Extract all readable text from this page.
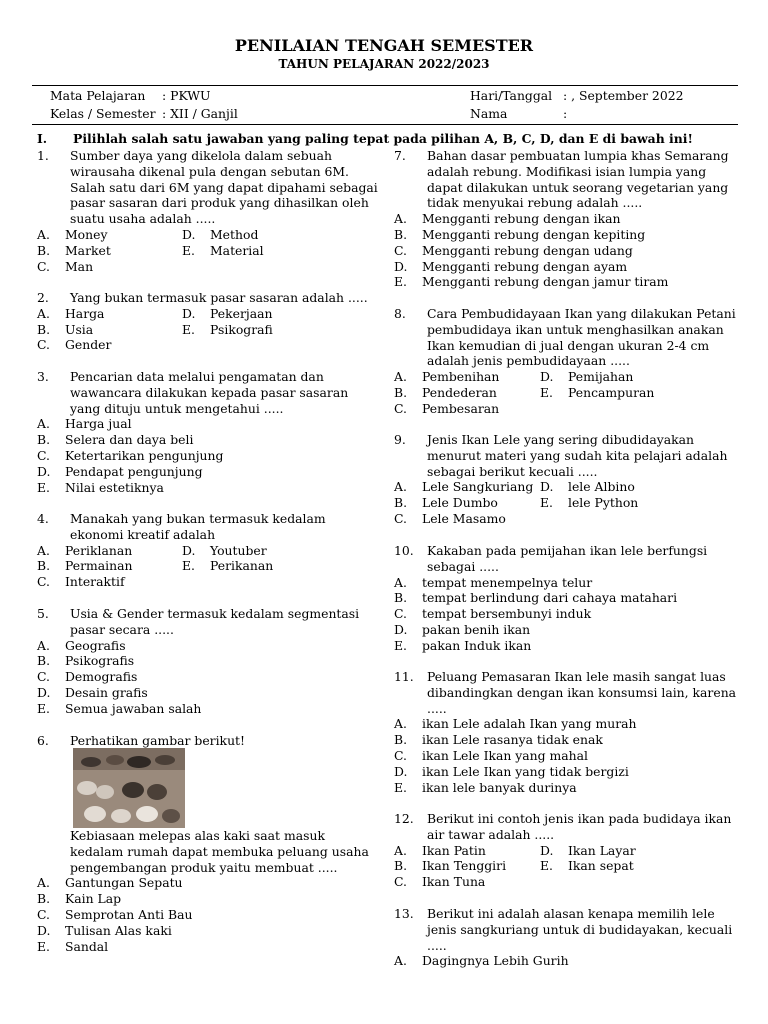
PENILAIAN TENGAH SEMESTER
TAHUN PELAJARAN 2022/2023
Mata Pelajaran : PKWU	Hari/Tanggal : , September 2022
Kelas / Semester : XII / Ganjil	Nama	:
I. Pilihlah salah satu jawaban yang paling tepat pada pilihan A, B, C, D, dan E di bawah ini!
1. Sumber daya yang dikelola dalam sebuah wirausaha dikenal pula dengan sebutan 6M. Salah satu dari 6M yang dapat dipahami sebagai pasar sasaran dari produk yang dihasilkan oleh suatu usaha adalah .....
A. Money
B. Market
C. Man
D. Method
E. Material
2. Yang bukan termasuk pasar sasaran adalah .....
A. Harga
B. Usia
C. Gender
D. Pekerjaan
E. Psikografi
3. Pencarian data melalui pengamatan dan wawancara dilakukan kepada pasar sasaran yang dituju untuk mengetahui .....
A. Harga jual
B. Selera dan daya beli
C. Ketertarikan pengunjung
D. Pendapat pengunjung
E. Nilai estetiknya
4. Manakah yang bukan termasuk kedalam ekonomi kreatif adalah
A. Periklanan
B. Permainan
C. Interaktif
D. Youtuber
E. Perikanan
5. Usia & Gender termasuk kedalam segmentasi pasar secara .....
A. Geografis
B. Psikografis
C. Demografis
D. Desain grafis
E. Semua jawaban salah
6. Perhatikan gambar berikut!
Kebiasaan melepas alas kaki saat masuk kedalam rumah dapat membuka peluang usaha pengembangan produk yaitu membuat .....
A. Gantungan Sepatu
B. Kain Lap
C. Semprotan Anti Bau
D. Tulisan Alas kaki
E. Sandal
7. Bahan dasar pembuatan lumpia khas Semarang adalah rebung. Modifikasi isian lumpia yang dapat dilakukan untuk seorang vegetarian yang tidak menyukai rebung adalah .....
A. Mengganti rebung dengan ikan
B. Mengganti rebung dengan kepiting
C. Mengganti rebung dengan udang
D. Mengganti rebung dengan ayam
E. Mengganti rebung dengan jamur tiram
8. Cara Pembudidayaan Ikan yang dilakukan Petani pembudidaya ikan untuk menghasilkan anakan Ikan kemudian di jual dengan ukuran 2-4 cm adalah jenis pembudidayaan .....
A. Pembenihan
B. Pendederan
C. Pembesaran
D. Pemijahan
E. Pencampuran
9. Jenis Ikan Lele yang sering dibudidayakan menurut materi yang sudah kita pelajari adalah sebagai berikut kecuali .....
A. Lele Sangkuriang
B. Lele Dumbo
C. Lele Masamo
D. lele Albino
E. lele Python
10. Kakaban pada pemijahan ikan lele berfungsi sebagai .....
A. tempat menempelnya telur
B. tempat berlindung dari cahaya matahari
C. tempat bersembunyi induk
D. pakan benih ikan
E. pakan Induk ikan
11. Peluang Pemasaran Ikan lele masih sangat luas dibandingkan dengan ikan konsumsi lain, karena .....
A. ikan Lele adalah Ikan yang murah
B. ikan Lele rasanya tidak enak
C. ikan Lele Ikan yang mahal
D. ikan Lele Ikan yang tidak bergizi
E. ikan lele banyak durinya
12. Berikut ini contoh jenis ikan pada budidaya ikan air tawar adalah .....
A. Ikan Patin
B. Ikan Tenggiri
C. Ikan Tuna
D. Ikan Layar
E. Ikan sepat
13. Berikut ini adalah alasan kenapa memilih lele jenis sangkuriang untuk di budidayakan, kecuali .....
A. Dagingnya Lebih Gurih
